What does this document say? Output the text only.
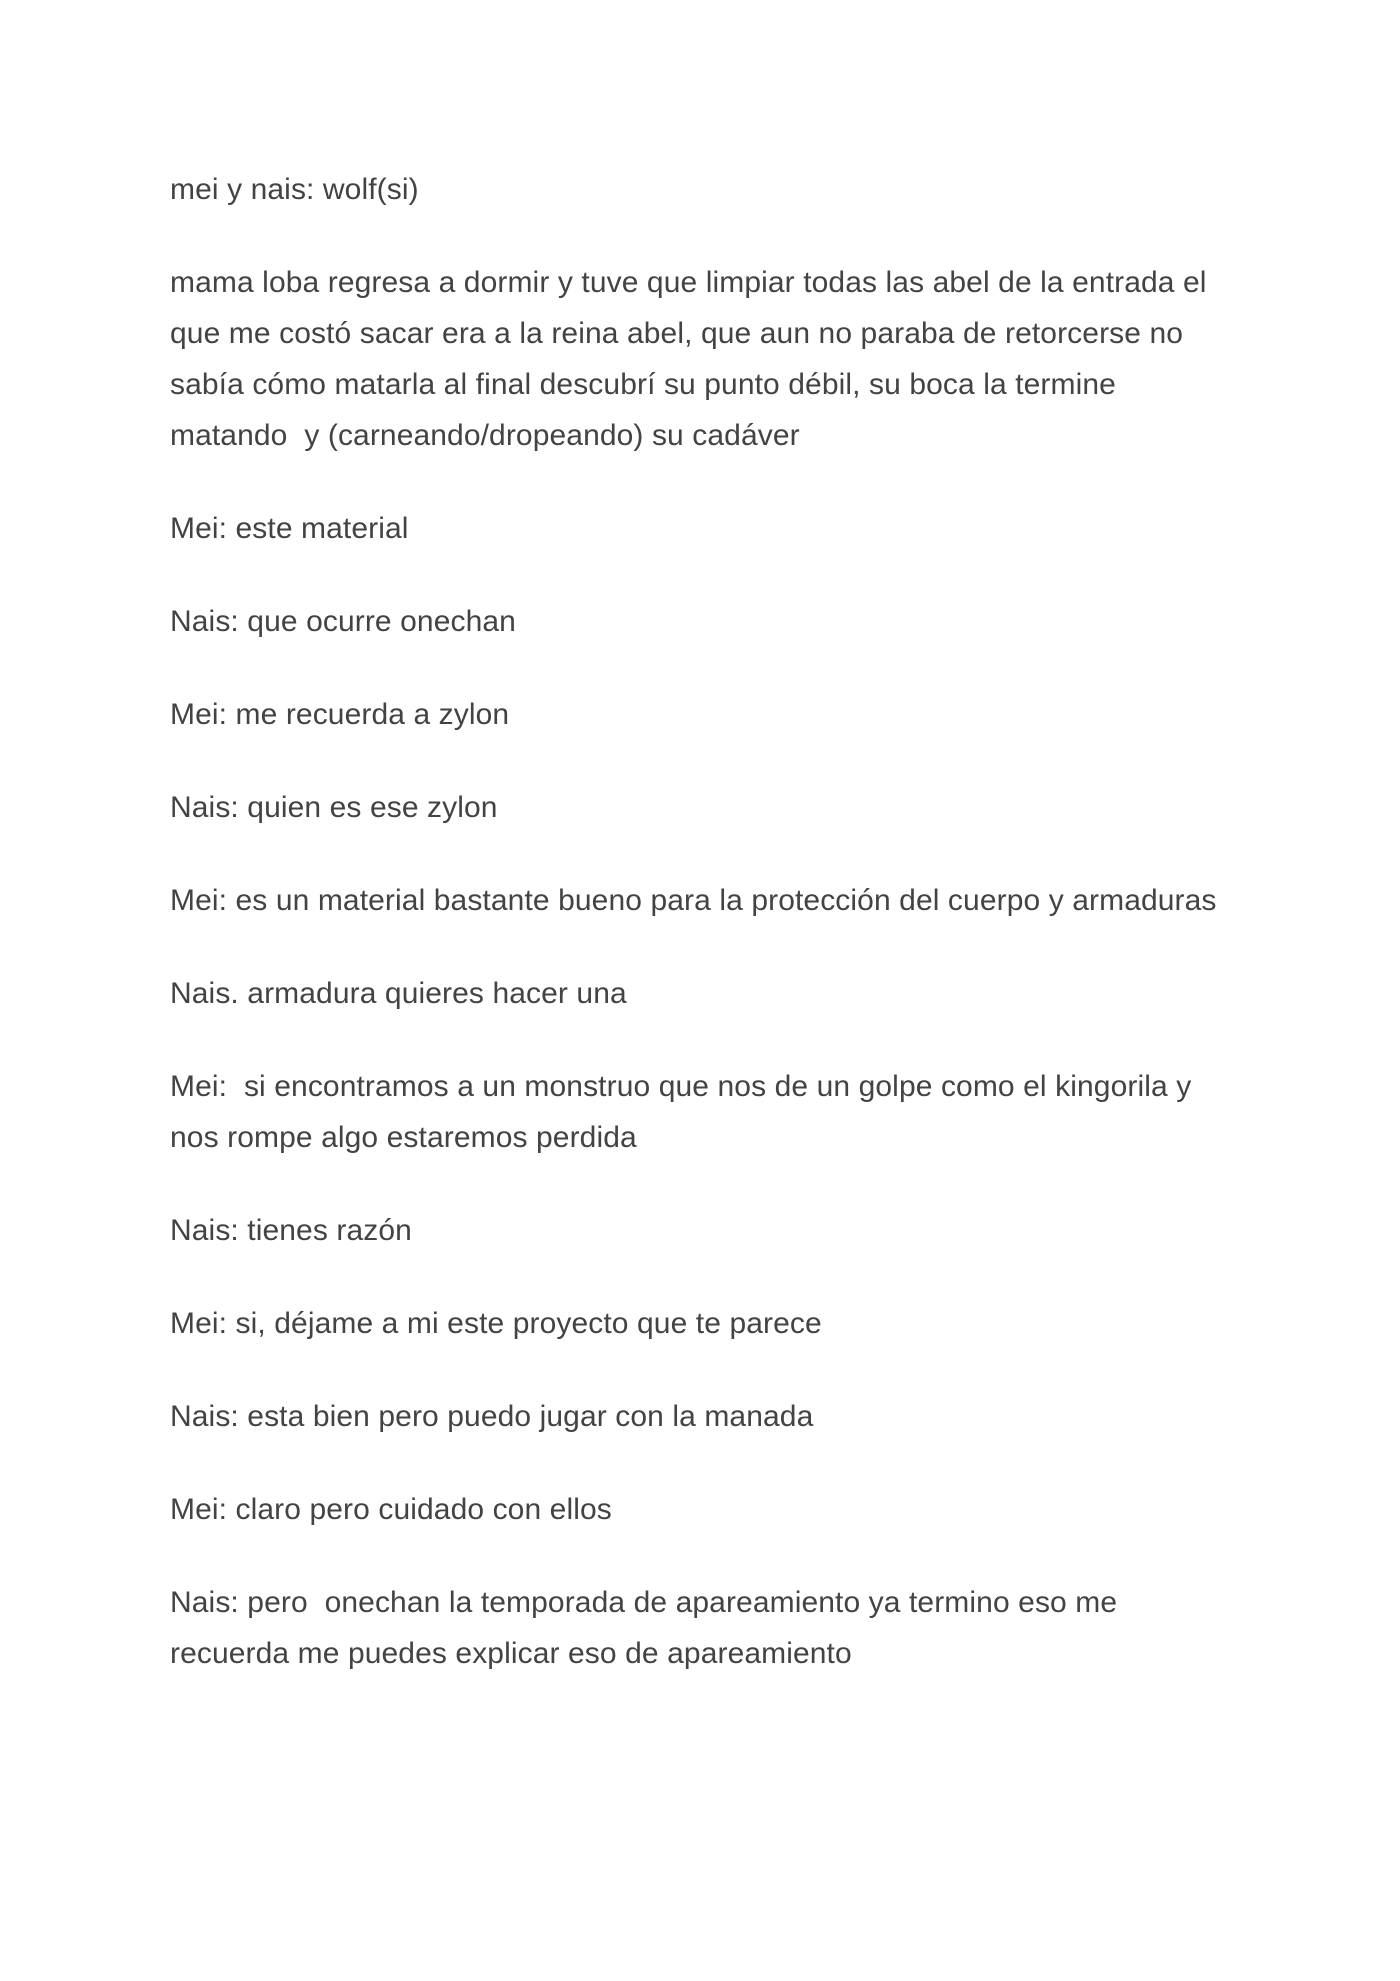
mei y nais: wolf(si)

mama loba regresa a dormir y tuve que limpiar todas las abel de la entrada el que me costó sacar era a la reina abel, que aun no paraba de retorcerse no sabía cómo matarla al final descubrí su punto débil, su boca la termine matando  y (carneando/dropeando) su cadáver

Mei: este material

Nais: que ocurre onechan

Mei: me recuerda a zylon

Nais: quien es ese zylon

Mei: es un material bastante bueno para la protección del cuerpo y armaduras

Nais. armadura quieres hacer una

Mei:  si encontramos a un monstruo que nos de un golpe como el kingorila y nos rompe algo estaremos perdida

Nais: tienes razón

Mei: si, déjame a mi este proyecto que te parece

Nais: esta bien pero puedo jugar con la manada

Mei: claro pero cuidado con ellos

Nais: pero  onechan la temporada de apareamiento ya termino eso me recuerda me puedes explicar eso de apareamiento
